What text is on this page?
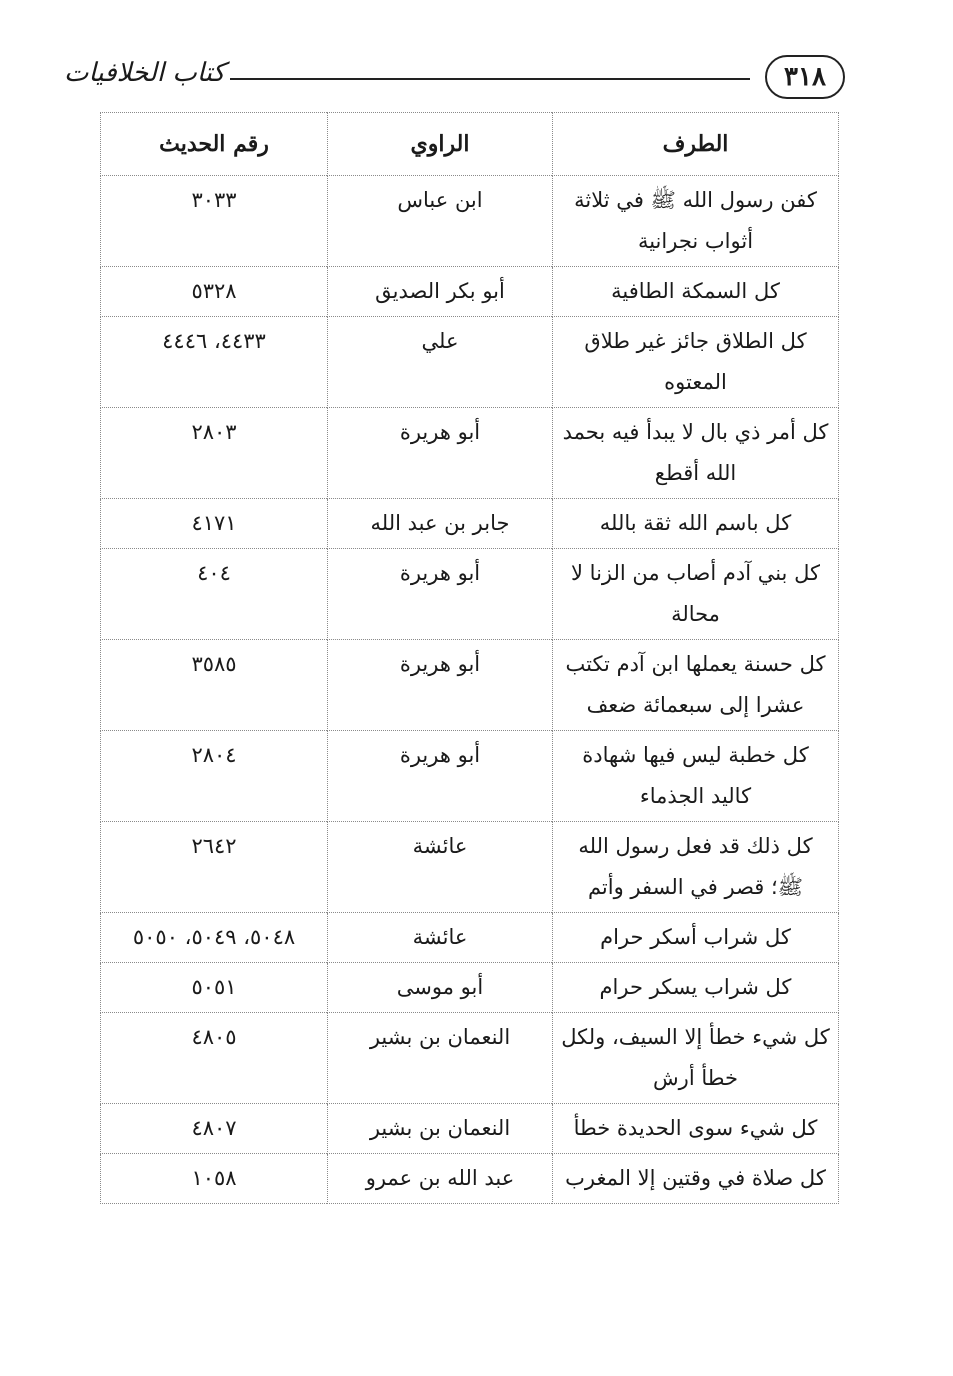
كتاب الخلافيات	٣١٨
الطرف	الراوي	رقم الحديث
كفن رسول الله ﷺ في ثلاثة أثواب نجرانية	ابن عباس	٣٠٣٣
كل السمكة الطافية	أبو بكر الصديق	٥٣٢٨
كل الطلاق جائز غير طلاق المعتوه	علي	٤٤٣٣، ٤٤٤٦
كل أمر ذي بال لا يبدأ فيه بحمد الله أقطع	أبو هريرة	٢٨٠٣
كل باسم الله ثقة بالله	جابر بن عبد الله	٤١٧١
كل بني آدم أصاب من الزنا لا محالة	أبو هريرة	٤٠٤
كل حسنة يعملها ابن آدم تكتب عشرا إلى سبعمائة ضعف	أبو هريرة	٣٥٨٥
كل خطبة ليس فيها شهادة كاليد الجذماء	أبو هريرة	٢٨٠٤
كل ذلك قد فعل رسول الله ﷺ؛ قصر في السفر وأتم	عائشة	٢٦٤٢
كل شراب أسكر حرام	عائشة	٥٠٤٨، ٥٠٤٩، ٥٠٥٠
كل شراب يسكر حرام	أبو موسى	٥٠٥١
كل شيء خطأ إلا السيف، ولكل خطأ أرش	النعمان بن بشير	٤٨٠٥
كل شيء سوى الحديدة خطأ	النعمان بن بشير	٤٨٠٧
كل صلاة في وقتين إلا المغرب	عبد الله بن عمرو	١٠٥٨
